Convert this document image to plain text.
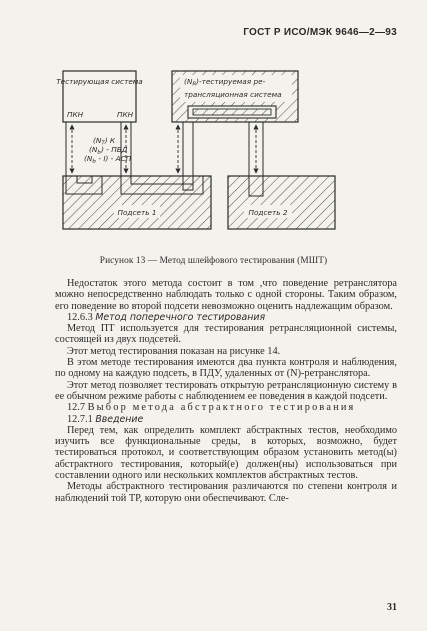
ГОСТ Р ИСО/МЭК 9646—2—93
Тестирующая система
ПКН	ПКН
$(N_R)$-тестируемая ре-
трансляционная система
Подсеть 1	Подсеть 2
$(N_T)$ К
$(N_Ь)$ - ПБД
$(N_Ь - I)$ - АСП
Рисунок 13 — Метод шлейфового тестирования (МШТ)

Недостаток этого метода состоит в том ,что поведение ретранслятора можно непосредственно наблюдать только с одной стороны. Таким образом, его поведение во второй подсети невозможно оценить надлежащим образом.

12.6.3 Метод поперечного тестирования

Метод ПТ используется для тестирования ретрансляционной системы, состоящей из двух подсетей.

Этот метод тестирования показан на рисунке 14.

В этом методе тестирования имеются два пункта контроля и наблюдения, по одному на каждую подсеть, в ПДУ, удаленных от (N)-ретранслятора.

Этот метод позволяет тестировать открытую ретрансляционную систему в ее обычном режиме работы с наблюдением ее поведения в каждой подсети.

12.7 Выбор метода абстрактного тестирования

12.7.1 Введение

Перед тем, как определить комплект абстрактных тестов, необходимо изучить все функциональные среды, в которых, возможно, будет тестироваться протокол, и соответствующим образом установить метод(ы) абстрактного тестирования, который(е) должен(ны) использоваться при составлении одного или нескольких комплектов абстрактных тестов.

Методы абстрактного тестирования различаются по степени контроля и наблюдений той ТР, которую они обеспечивают. Сле-

31
